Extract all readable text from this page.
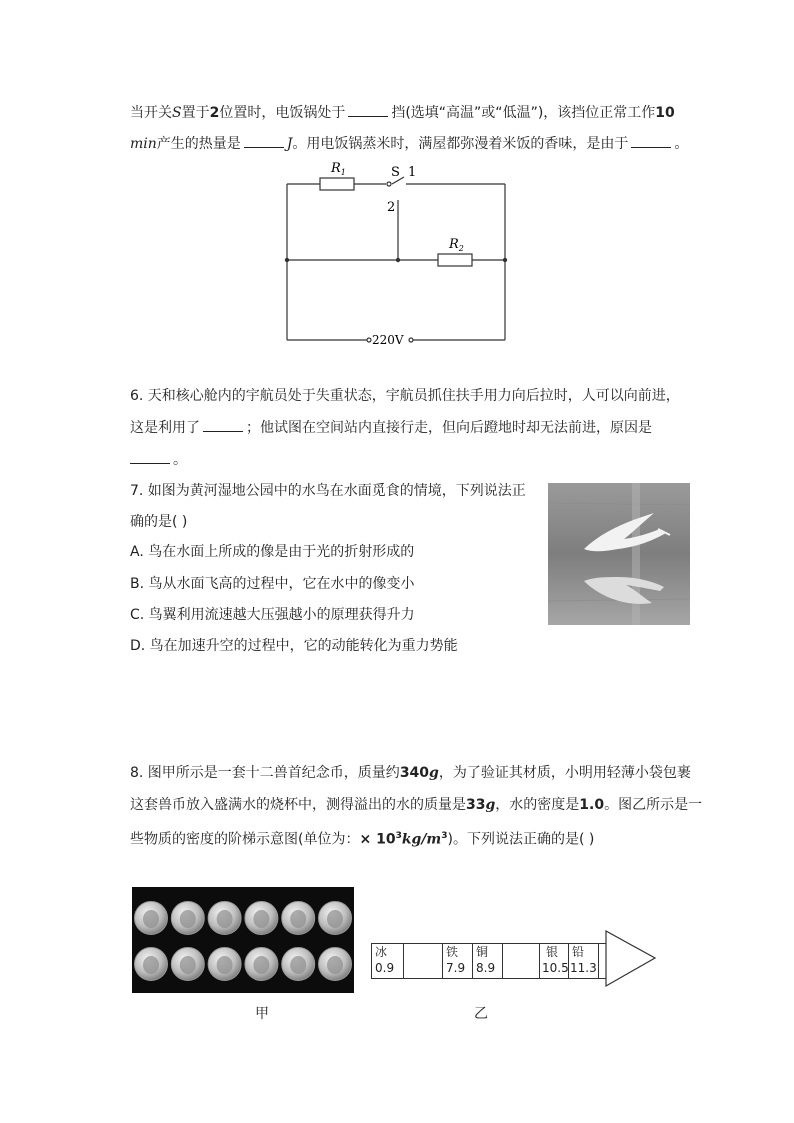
当开关S置于2位置时，电饭锅处于	挡(选填“高温”或“低温”)，该挡位正常工作10
min产生的热量是	J。用电饭锅蒸米时，满屋都弥漫着米饭的香味，是由于	。
$R_1$
$R_2$
S 1
2
220V
6. 天和核心舱内的宇航员处于失重状态，宇航员抓住扶手用力向后拉时，人可以向前进，
这是利用了	；他试图在空间站内直接行走，但向后蹬地时却无法前进，原因是
。
7. 如图为黄河湿地公园中的水鸟在水面觅食的情境，下列说法正
确的是( )
A. 鸟在水面上所成的像是由于光的折射形成的
B. 鸟从水面飞高的过程中，它在水中的像变小
C. 鸟翼利用流速越大压强越小的原理获得升力
D. 鸟在加速升空的过程中，它的动能转化为重力势能
8. 图甲所示是一套十二兽首纪念币，质量约340g，为了验证其材质，小明用轻薄小袋包裹
这套兽币放入盛满水的烧杯中，测得溢出的水的质量是33g，水的密度是1.0。图乙所示是一
些物质的密度的阶梯示意图(单位为：× $10^3kg/m^3$)。下列说法正确的是( )
冰
0.9
铁
7.9
铜
8.9
银
10.5
铅
11.3
甲	乙
